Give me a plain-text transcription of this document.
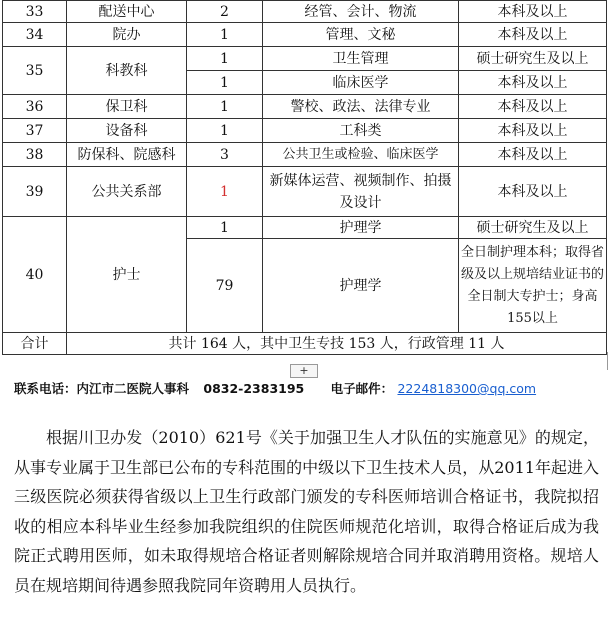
33	配送中心	2	经管、会计、物流	本科及以上
34	院办	1	管理、文秘	本科及以上
35	科教科	1	卫生管理	硕士研究生及以上
		1	临床医学	本科及以上
36	保卫科	1	警校、政法、法律专业	本科及以上
37	设备科	1	工科类	本科及以上
38	防保科、院感科	3	公共卫生或检验、临床医学	本科及以上
39	公共关系部	1	新媒体运营、视频制作、拍摄及设计	本科及以上
40	护士	1	护理学	硕士研究生及以上
		79	护理学	全日制护理本科；取得省级及以上规培结业证书的全日制大专护士；身高155以上
合计	共计 164 人，其中卫生专技 153 人，行政管理 11 人			
+
联系电话：内江市二医院人事科 0832-2383195 电子邮件： 2224818300@qq.com

根据川卫办发（2010）621号《关于加强卫生人才队伍的实施意见》的规定，从事专业属于卫生部已公布的专科范围的中级以下卫生技术人员，从2011年起进入三级医院必须获得省级以上卫生行政部门颁发的专科医师培训合格证书，我院拟招收的相应本科毕业生经参加我院组织的住院医师规范化培训，取得合格证后成为我院正式聘用医师，如未取得规培合格证者则解除规培合同并取消聘用资格。规培人员在规培期间待遇参照我院同年资聘用人员执行。
